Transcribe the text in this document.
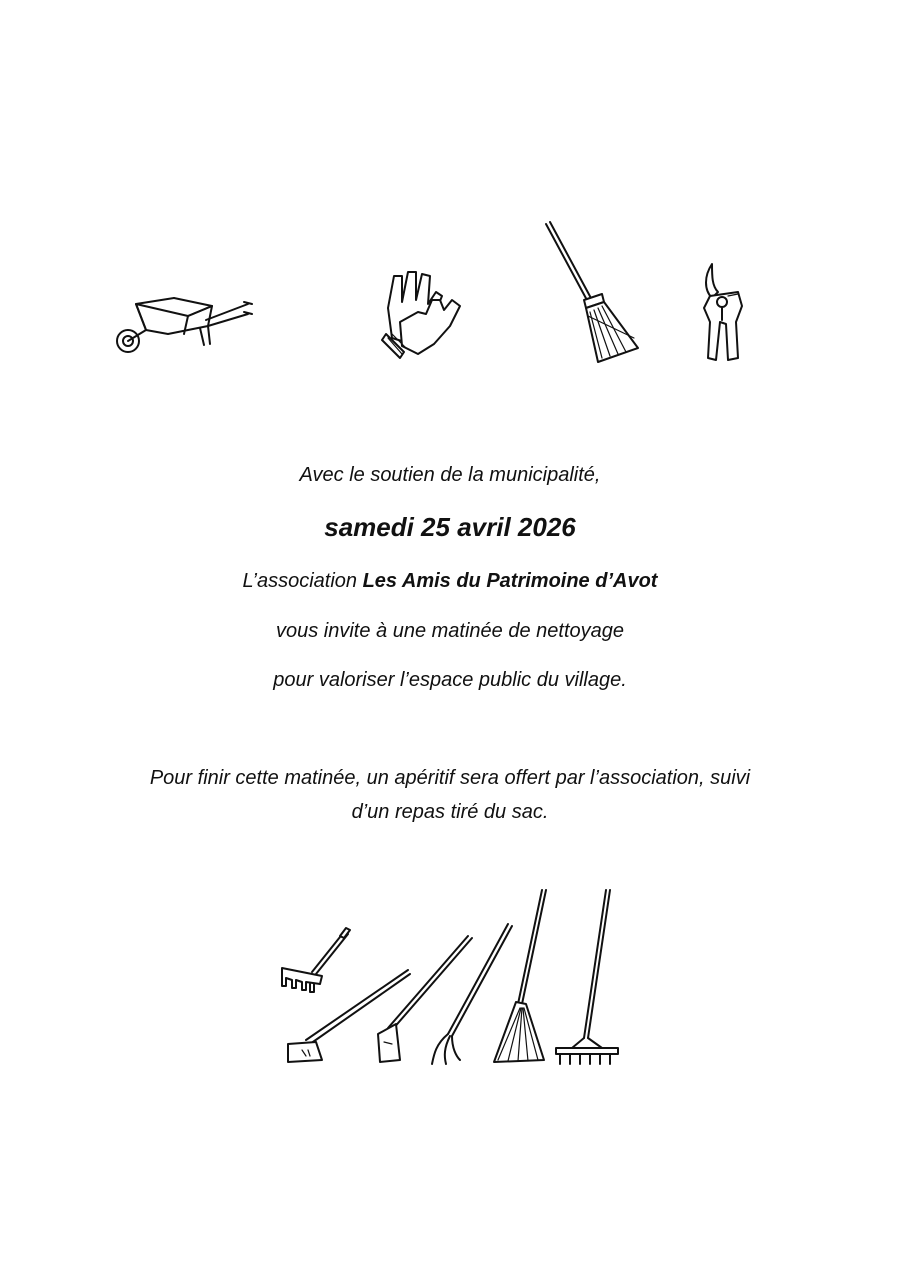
Avec le soutien de la municipalité,
samedi 25 avril 2026
L’association Les Amis du Patrimoine d’Avot
vous invite à une matinée de nettoyage
pour valoriser l’espace public du village.
Pour finir cette matinée, un apéritif sera offert par l’association, suivi
d’un repas tiré du sac.
